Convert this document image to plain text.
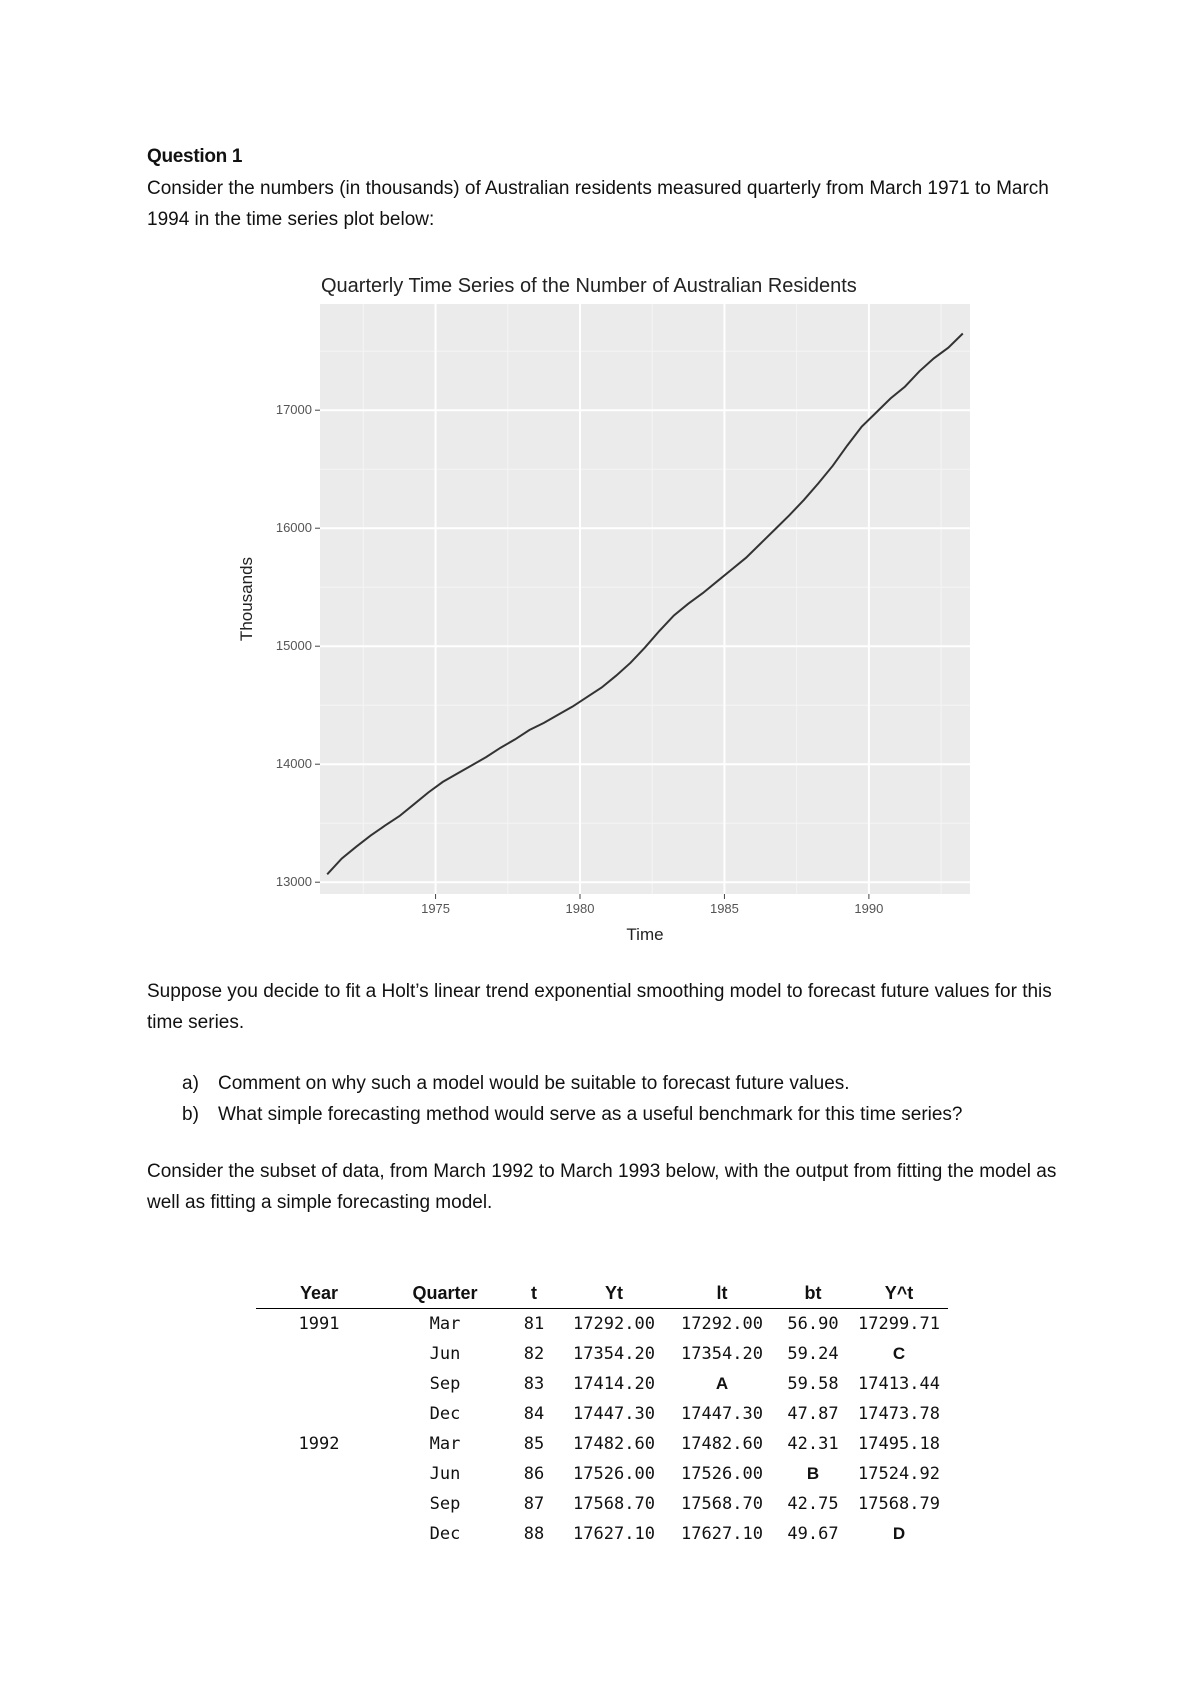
Question 1
Consider the numbers (in thousands) of Australian residents measured quarterly from March 1971 to March 1994 in the time series plot below:
Quarterly Time Series of the Number of Australian Residents
1975	1980	1985	1990
13000
14000
15000
16000
17000
Time
Thousands
Suppose you decide to fit a Holt’s linear trend exponential smoothing model to forecast future values for this time series.
a) Comment on why such a model would be suitable to forecast future values.
b) What simple forecasting method would serve as a useful benchmark for this time series?
Consider the subset of data, from March 1992 to March 1993 below, with the output from fitting the model as well as fitting a simple forecasting model.
Year	Quarter	t	Yt	lt	bt	Y^t
1991	Mar	81	17292.00	17292.00	56.90	17299.71
	Jun	82	17354.20	17354.20	59.24	C
	Sep	83	17414.20	A	59.58	17413.44
	Dec	84	17447.30	17447.30	47.87	17473.78
1992	Mar	85	17482.60	17482.60	42.31	17495.18
	Jun	86	17526.00	17526.00	B	17524.92
	Sep	87	17568.70	17568.70	42.75	17568.79
	Dec	88	17627.10	17627.10	49.67	D
